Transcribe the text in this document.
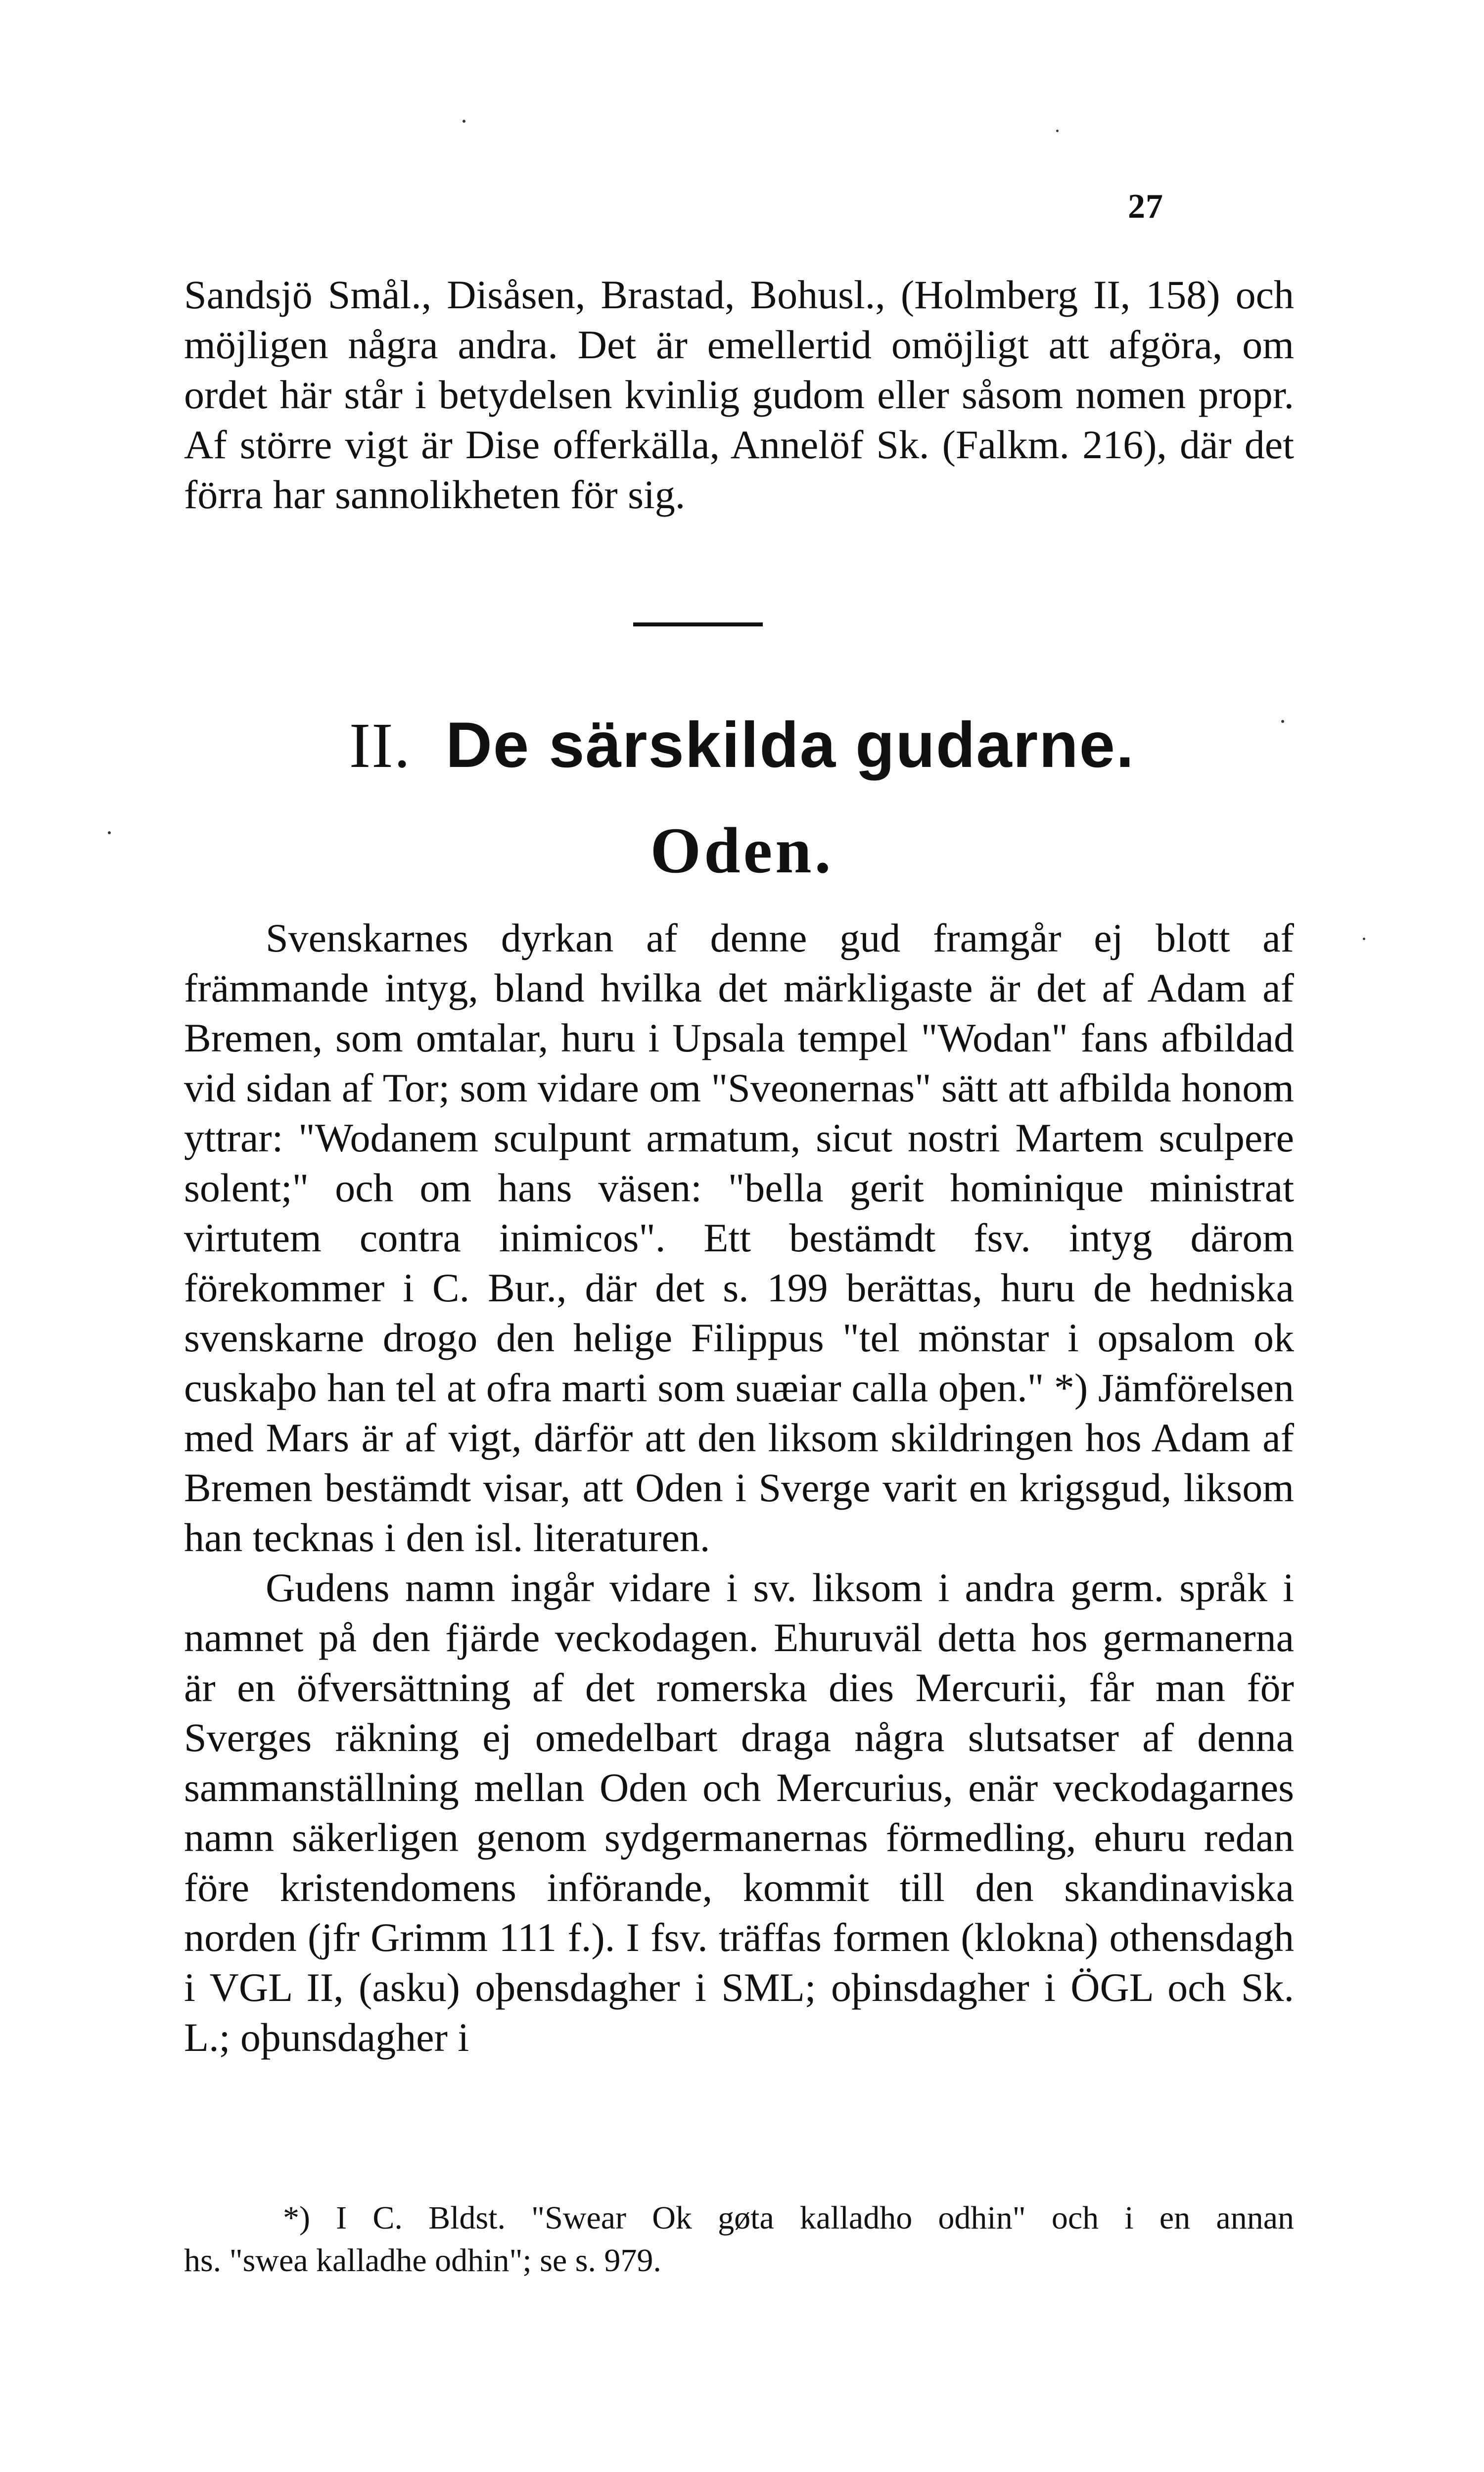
27

Sandsjö Smål., Disåsen, Brastad, Bohusl., (Holmberg II, 158) och möjligen några andra. Det är emellertid omöjligt att afgöra, om ordet här står i betydelsen kvinlig gudom eller såsom nomen propr. Af större vigt är Dise offerkälla, Annelöf Sk. (Falkm. 216), där det förra har sannolikheten för sig.

II. De särskilda gudarne.
Oden.

Svenskarnes dyrkan af denne gud framgår ej blott af främmande intyg, bland hvilka det märkligaste är det af Adam af Bremen, som omtalar, huru i Upsala tempel "Wodan" fans afbildad vid sidan af Tor; som vidare om "Sveonernas" sätt att afbilda honom yttrar: "Wodanem sculpunt armatum, sicut nostri Martem sculpere solent;" och om hans väsen: "bella gerit hominique ministrat virtutem contra inimicos". Ett bestämdt fsv. intyg därom förekommer i C. Bur., där det s. 199 berättas, huru de hedniska svenskarne drogo den helige Filippus "tel mönstar i opsalom ok cuskaþo han tel at ofra marti som suæiar calla oþen." *) Jämförelsen med Mars är af vigt, därför att den liksom skildringen hos Adam af Bremen bestämdt visar, att Oden i Sverge varit en krigsgud, liksom han tecknas i den isl. literaturen.

Gudens namn ingår vidare i sv. liksom i andra germ. språk i namnet på den fjärde veckodagen. Ehuruväl detta hos germanerna är en öfversättning af det romerska dies Mercurii, får man för Sverges räkning ej omedelbart draga några slutsatser af denna sammanställning mellan Oden och Mercurius, enär veckodagarnes namn säkerligen genom sydgermanernas förmedling, ehuru redan före kristendomens införande, kommit till den skandinaviska norden (jfr Grimm 111 f.). I fsv. träffas formen (klokna) othensdagh i VGL II, (asku) oþensdagher i SML; oþinsdagher i ÖGL och Sk. L.; oþunsdagher i

*) I C. Bldst. "Swear Ok gøta kalladho odhin" och i en annan

hs. "swea kalladhe odhin"; se s. 979.
